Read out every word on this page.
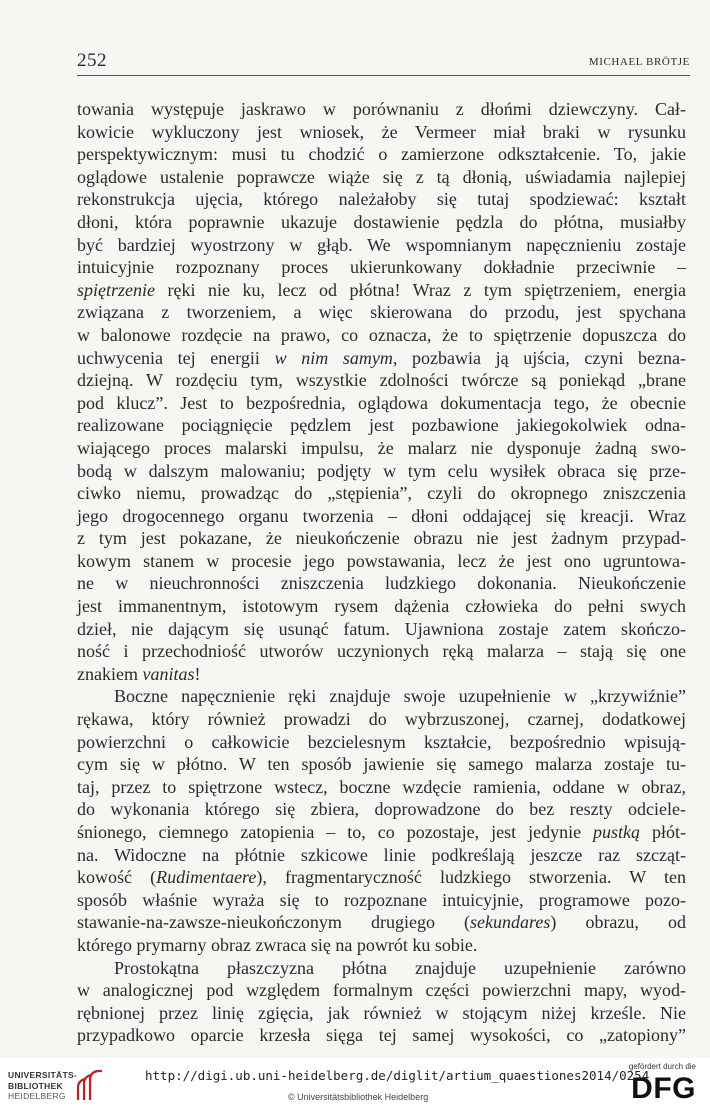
252	MICHAEL BRÖTJE
towania występuje jaskrawo w porównaniu z dłońmi dziewczyny. Cał-
kowicie wykluczony jest wniosek, że Vermeer miał braki w rysunku
perspektywicznym: musi tu chodzić o zamierzone odkształcenie. To, jakie
oglądowe ustalenie poprawcze wiąże się z tą dłonią, uświadamia najlepiej
rekonstrukcja ujęcia, którego należałoby się tutaj spodziewać: kształt
dłoni, która poprawnie ukazuje dostawienie pędzla do płótna, musiałby
być bardziej wyostrzony w głąb. We wspomnianym napęcznieniu zostaje
intuicyjnie rozpoznany proces ukierunkowany dokładnie przeciwnie –
spiętrzenie ręki nie ku, lecz od płótna! Wraz z tym spiętrzeniem, energia
związana z tworzeniem, a więc skierowana do przodu, jest spychana
w balonowe rozdęcie na prawo, co oznacza, że to spiętrzenie dopuszcza do
uchwycenia tej energii w nim samym, pozbawia ją ujścia, czyni bezna-
dziejną. W rozdęciu tym, wszystkie zdolności twórcze są poniekąd „brane
pod klucz”. Jest to bezpośrednia, oglądowa dokumentacja tego, że obecnie
realizowane pociągnięcie pędzlem jest pozbawione jakiegokolwiek odna-
wiającego proces malarski impulsu, że malarz nie dysponuje żadną swo-
bodą w dalszym malowaniu; podjęty w tym celu wysiłek obraca się prze-
ciwko niemu, prowadząc do „stępienia”, czyli do okropnego zniszczenia
jego drogocennego organu tworzenia – dłoni oddającej się kreacji. Wraz
z tym jest pokazane, że nieukończenie obrazu nie jest żadnym przypad-
kowym stanem w procesie jego powstawania, lecz że jest ono ugruntowa-
ne w nieuchronności zniszczenia ludzkiego dokonania. Nieukończenie
jest immanentnym, istotowym rysem dążenia człowieka do pełni swych
dzieł, nie dającym się usunąć fatum. Ujawniona zostaje zatem skończo-
ność i przechodniość utworów uczynionych ręką malarza – stają się one
znakiem vanitas!
Boczne napęcznienie ręki znajduje swoje uzupełnienie w „krzywiźnie”
rękawa, który również prowadzi do wybrzuszonej, czarnej, dodatkowej
powierzchni o całkowicie bezcielesnym kształcie, bezpośrednio wpisują-
cym się w płótno. W ten sposób jawienie się samego malarza zostaje tu-
taj, przez to spiętrzone wstecz, boczne wzdęcie ramienia, oddane w obraz,
do wykonania którego się zbiera, doprowadzone do bez reszty odciele-
śnionego, ciemnego zatopienia – to, co pozostaje, jest jedynie pustką płót-
na. Widoczne na płótnie szkicowe linie podkreślają jeszcze raz szcząt-
kowość (Rudimentaere), fragmentaryczność ludzkiego stworzenia. W ten
sposób właśnie wyraża się to rozpoznane intuicyjnie, programowe pozo-
stawanie-na-zawsze-nieukończonym drugiego (sekundares) obrazu, od
którego prymarny obraz zwraca się na powrót ku sobie.
Prostokątna płaszczyzna płótna znajduje uzupełnienie zarówno
w analogicznej pod względem formalnym części powierzchni mapy, wyod-
rębnionej przez linię zgięcia, jak również w stojącym niżej krześle. Nie
przypadkowo oparcie krzesła sięga tej samej wysokości, co „zatopiony”
UNIVERSITÄTS-
BIBLIOTHEK
HEIDELBERG
http://digi.ub.uni-heidelberg.de/diglit/artium_quaestiones2014/0254
© Universitätsbibliothek Heidelberg
gefördert durch die
DFG
